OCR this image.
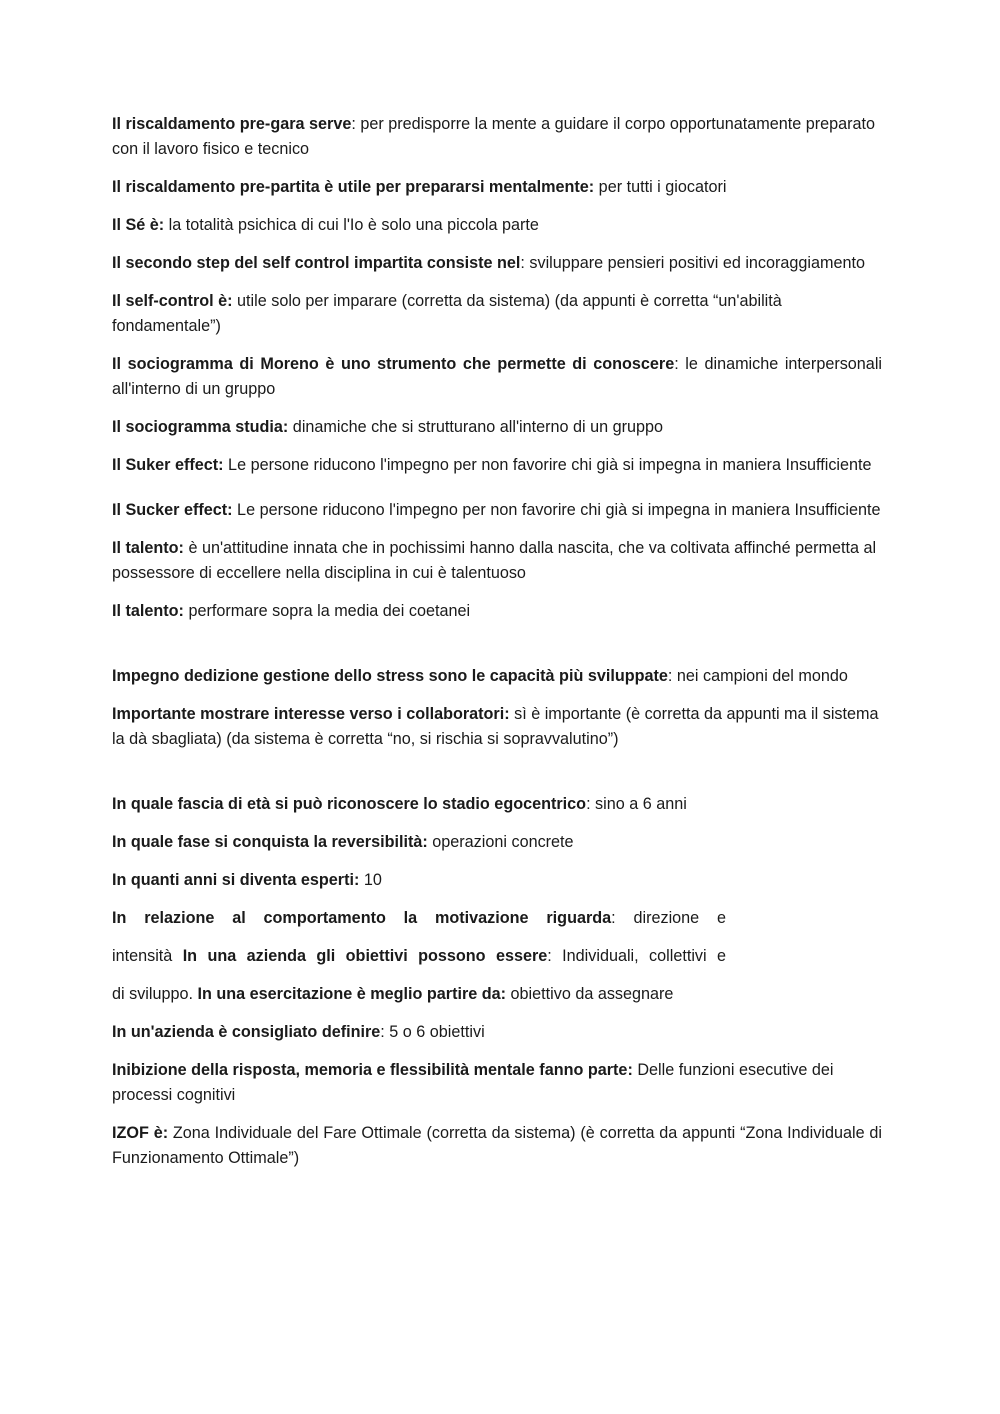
Il riscaldamento pre-gara serve: per predisporre la mente a guidare il corpo opportunatamente preparato con il lavoro fisico e tecnico

Il riscaldamento pre-partita è utile per prepararsi mentalmente: per tutti i giocatori

Il Sé è: la totalità psichica di cui l'Io è solo una piccola parte

Il secondo step del self control impartita consiste nel: sviluppare pensieri positivi ed incoraggiamento

Il self-control è: utile solo per imparare (corretta da sistema) (da appunti è corretta “un'abilità fondamentale”)

Il sociogramma di Moreno è uno strumento che permette di conoscere: le dinamiche interpersonali all'interno di un gruppo

Il sociogramma studia: dinamiche che si strutturano all'interno di un gruppo

Il Suker effect: Le persone riducono l'impegno per non favorire chi già si impegna in maniera Insufficiente

Il Sucker effect: Le persone riducono l'impegno per non favorire chi già si impegna in maniera Insufficiente

Il talento: è un'attitudine innata che in pochissimi hanno dalla nascita, che va coltivata affinché permetta al possessore di eccellere nella disciplina in cui è talentuoso

Il talento: performare sopra la media dei coetanei

Impegno dedizione gestione dello stress sono le capacità più sviluppate: nei campioni del mondo

Importante mostrare interesse verso i collaboratori: sì è importante (è corretta da appunti ma il sistema la dà sbagliata) (da sistema è corretta “no, si rischia si sopravvalutino”)

In quale fascia di età si può riconoscere lo stadio egocentrico: sino a 6 anni

In quale fase si conquista la reversibilità: operazioni concrete

In quanti anni si diventa esperti: 10

In relazione al comportamento la motivazione riguarda: direzione e

intensità In una azienda gli obiettivi possono essere: Individuali, collettivi e

di sviluppo. In una esercitazione è meglio partire da: obiettivo da assegnare

In un'azienda è consigliato definire: 5 o 6 obiettivi

Inibizione della risposta, memoria e flessibilità mentale fanno parte: Delle funzioni esecutive dei processi cognitivi

IZOF è: Zona Individuale del Fare Ottimale (corretta da sistema) (è corretta da appunti “Zona Individuale di Funzionamento Ottimale”)
